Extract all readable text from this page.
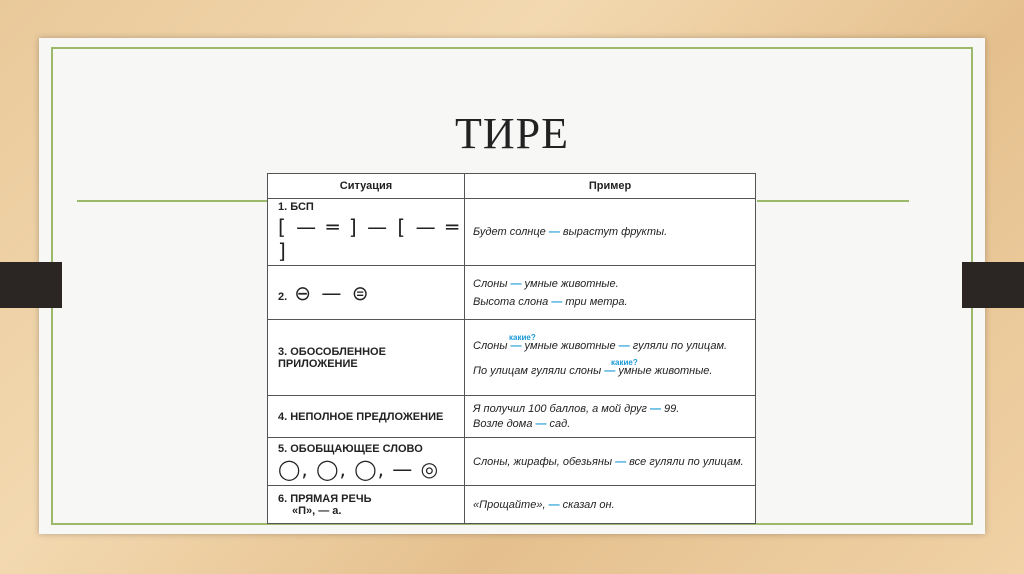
ТИРЕ
Ситуация	Пример
1. БСП
[ — ═ ] — [ — ═ ]	Будет солнце — вырастут фрукты.
2. ⊖ — ⊜	Слоны — умные животные.
Высота слона — три метра.

3. ОБОСОБЛЕННОЕ ПРИЛОЖЕНИЕ	какие?
Слоны — умные животные — гуляли по улицам.
какие?
По улицам гуляли слоны — умные животные.

4. НЕПОЛНОЕ ПРЕДЛОЖЕНИЕ	Я получил 100 баллов, а мой друг — 99.
Возле дома — сад.

5. ОБОБЩАЮЩЕЕ СЛОВО
◯, ◯, ◯, — ◎	Слоны, жирафы, обезьяны — все гуляли по улицам.
6. ПРЯМАЯ РЕЧЬ
«П», — а.	«Прощайте», — сказал он.
